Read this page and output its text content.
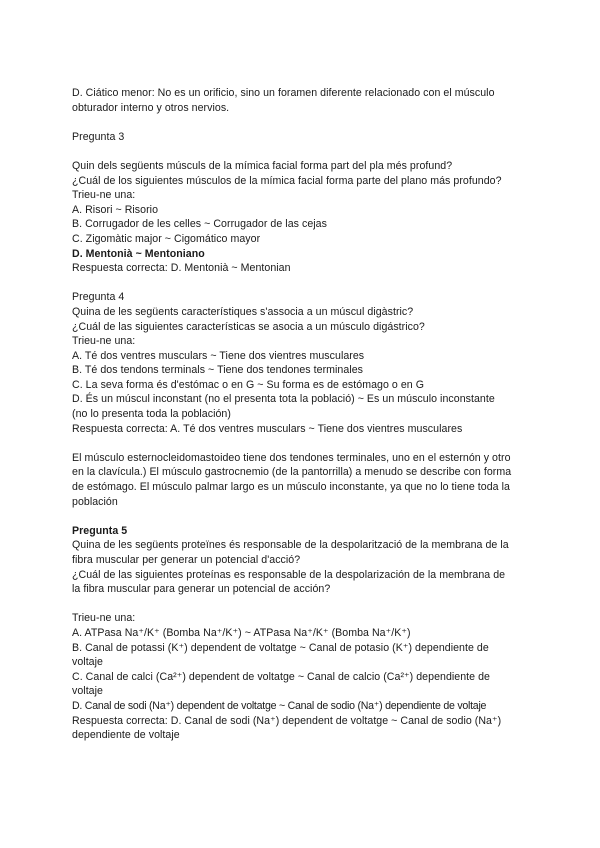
D. Ciático menor: No es un orificio, sino un foramen diferente relacionado con el músculo

obturador interno y otros nervios.

Pregunta 3

Quin dels següents músculs de la mímica facial forma part del pla més profund?

¿Cuál de los siguientes músculos de la mímica facial forma parte del plano más profundo?

Trieu-ne una:

A. Risori ~ Risorio

B. Corrugador de les celles ~ Corrugador de las cejas

C. Zigomàtic major ~ Cigomático mayor

D. Mentonià ~ Mentoniano

Respuesta correcta: D. Mentonià ~ Mentonian

Pregunta 4

Quina de les següents característiques s'associa a un múscul digàstric?

¿Cuál de las siguientes características se asocia a un músculo digástrico?

Trieu-ne una:

A. Té dos ventres musculars ~ Tiene dos vientres musculares

B. Té dos tendons terminals ~ Tiene dos tendones terminales

C. La seva forma és d'estómac o en G ~ Su forma es de estómago o en G

D. És un múscul inconstant (no el presenta tota la població) ~ Es un músculo inconstante

(no lo presenta toda la población)

Respuesta correcta: A. Té dos ventres musculars ~ Tiene dos vientres musculares

El músculo esternocleidomastoideo tiene dos tendones terminales, uno en el esternón y otro

en la clavícula.) El músculo gastrocnemio (de la pantorrilla) a menudo se describe con forma

de estómago. El músculo palmar largo es un músculo inconstante, ya que no lo tiene toda la

población

Pregunta 5

Quina de les següents proteïnes és responsable de la despolarització de la membrana de la

fibra muscular per generar un potencial d'acció?

¿Cuál de las siguientes proteínas es responsable de la despolarización de la membrana de

la fibra muscular para generar un potencial de acción?

Trieu-ne una:

A. ATPasa Na⁺/K⁺ (Bomba Na⁺/K⁺) ~ ATPasa Na⁺/K⁺ (Bomba Na⁺/K⁺)

B. Canal de potassi (K⁺) dependent de voltatge ~ Canal de potasio (K⁺) dependiente de

voltaje

C. Canal de calci (Ca²⁺) dependent de voltatge ~ Canal de calcio (Ca²⁺) dependiente de

voltaje

D. Canal de sodi (Na⁺) dependent de voltatge ~ Canal de sodio (Na⁺) dependiente de voltaje

Respuesta correcta: D. Canal de sodi (Na⁺) dependent de voltatge ~ Canal de sodio (Na⁺)

dependiente de voltaje
